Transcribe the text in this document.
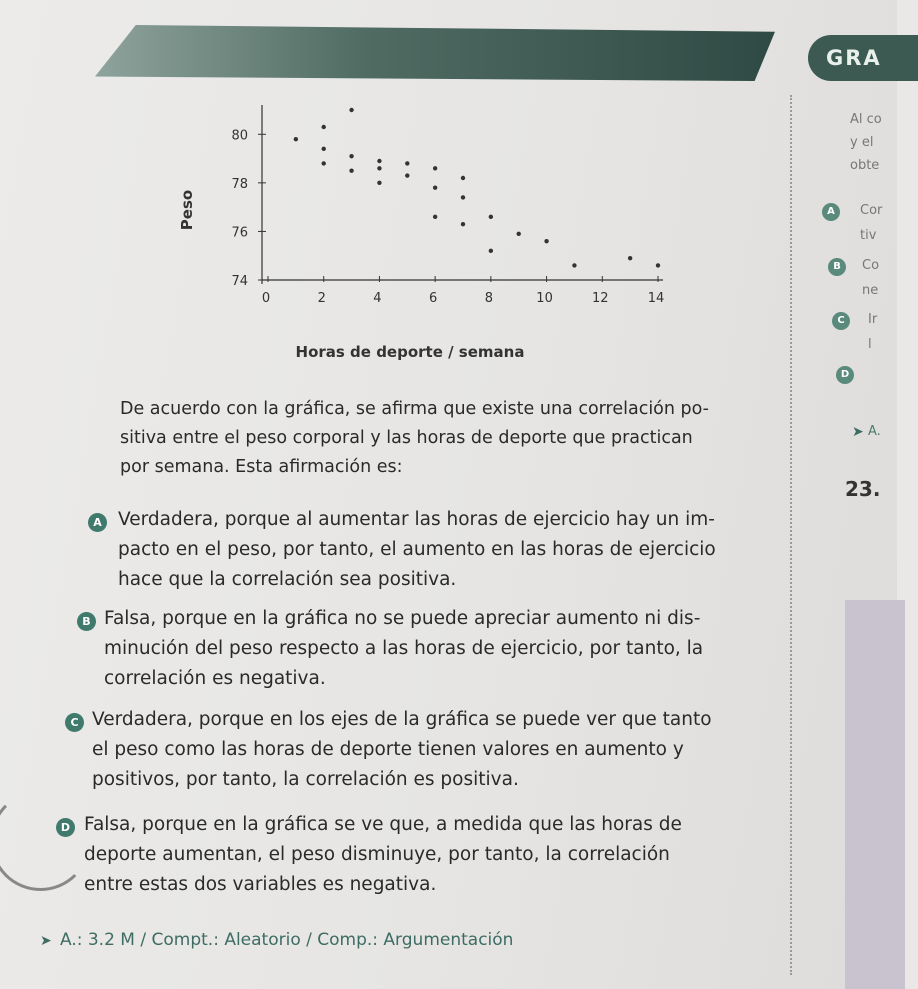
GRA
Al co
y el
obte
A	Cor
tiv
B	Co
ne
C	Ir
l
D
➤ A.
0	2	4	6	8	10	12	14
80
78
76
74
Horas de deporte / semana
Peso
De acuerdo con la gráfica, se afirma que existe una correlación po-
sitiva entre el peso corporal y las horas de deporte que practican
por semana. Esta afirmación es:
23.
A Verdadera, porque al aumentar las horas de ejercicio hay un im-
pacto en el peso, por tanto, el aumento en las horas de ejercicio
hace que la correlación sea positiva.
B Falsa, porque en la gráfica no se puede apreciar aumento ni dis-
minución del peso respecto a las horas de ejercicio, por tanto, la
correlación es negativa.
C Verdadera, porque en los ejes de la gráfica se puede ver que tanto
el peso como las horas de deporte tienen valores en aumento y
positivos, por tanto, la correlación es positiva.
D Falsa, porque en la gráfica se ve que, a medida que las horas de
deporte aumentan, el peso disminuye, por tanto, la correlación
entre estas dos variables es negativa.
➤ A.: 3.2 M / Compt.: Aleatorio / Comp.: Argumentación
